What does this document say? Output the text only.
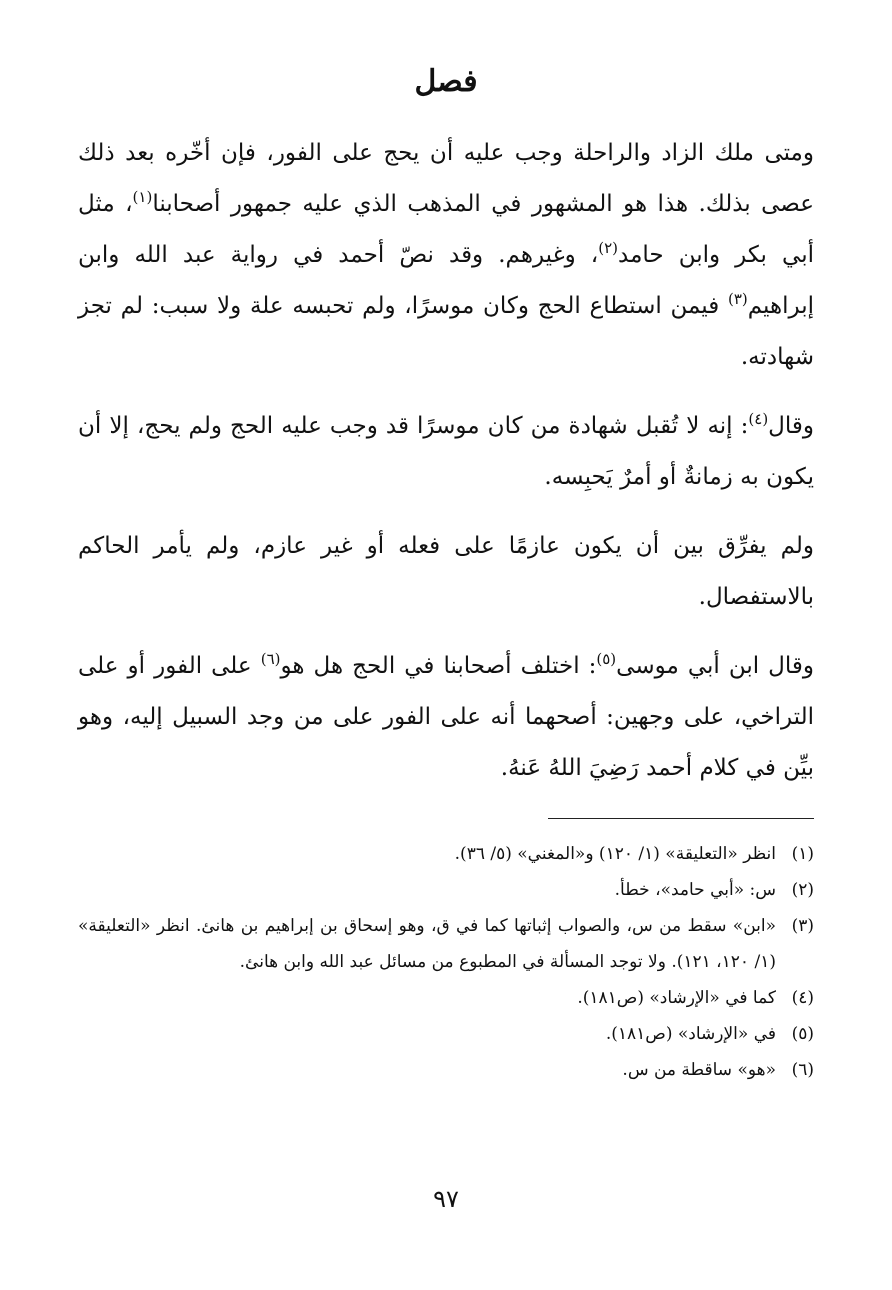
فصل

ومتى ملك الزاد والراحلة وجب عليه أن يحج على الفور، فإن أخّره بعد ذلك عصى بذلك. هذا هو المشهور في المذهب الذي عليه جمهور أصحابنا$^{(١)}$، مثل أبي بكر وابن حامد$^{(٢)}$، وغيرهم. وقد نصّ أحمد في رواية عبد الله وابن إبراهيم$^{(٣)}$ فيمن استطاع الحج وكان موسرًا، ولم تحبسه علة ولا سبب: لم تجز شهادته.

وقال$^{(٤)}$: إنه لا تُقبل شهادة من كان موسرًا قد وجب عليه الحج ولم يحج، إلا أن يكون به زمانةٌ أو أمرٌ يَحبِسه.

ولم يفرِّق بين أن يكون عازمًا على فعله أو غير عازم، ولم يأمر الحاكم بالاستفصال.

وقال ابن أبي موسى$^{(٥)}$: اختلف أصحابنا في الحج هل هو$^{(٦)}$ على الفور أو على التراخي، على وجهين: أصحهما أنه على الفور على من وجد السبيل إليه، وهو بيِّن في كلام أحمد رَضِيَ اللهُ عَنهُ.

(١)
انظر «التعليقة» (١/ ١٢٠) و«المغني» (٥/ ٣٦).
(٢)
س: «أبي حامد»، خطأ.
(٣)
«ابن» سقط من س، والصواب إثباتها كما في ق، وهو إسحاق بن إبراهيم بن هانئ. انظر «التعليقة» (١/ ١٢٠، ١٢١). ولا توجد المسألة في المطبوع من مسائل عبد الله وابن هانئ.
(٤)
كما في «الإرشاد» (ص١٨١).
(٥)
في «الإرشاد» (ص١٨١).
(٦)
«هو» ساقطة من س.
٩٧
